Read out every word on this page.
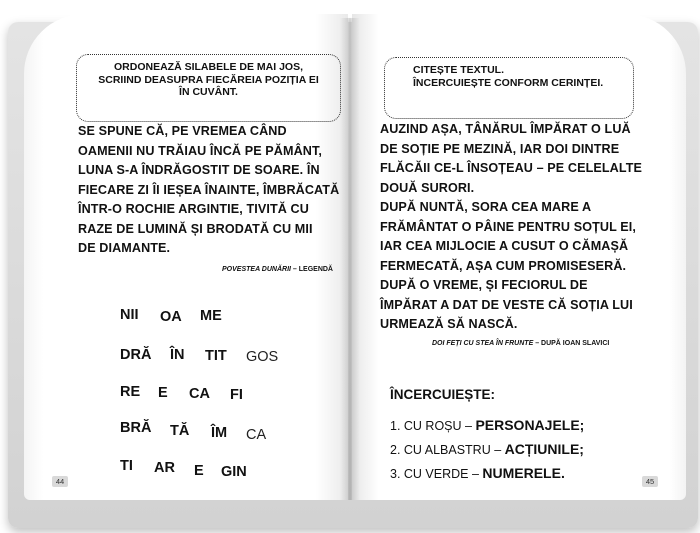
ORDONEAZĂ SILABELE DE MAI JOS,
SCRIIND DEASUPRA FIECĂREIA POZIȚIA EI
ÎN CUVÂNT.
SE SPUNE CĂ, PE VREMEA CÂND
OAMENII NU TRĂIAU ÎNCĂ PE PĂMÂNT,
LUNA S-A ÎNDRĂGOSTIT DE SOARE. ÎN
FIECARE ZI ÎI IEȘEA ÎNAINTE, ÎMBRĂCATĂ
ÎNTR-O ROCHIE ARGINTIE, TIVITĂ CU
RAZE DE LUMINĂ ȘI BRODATĂ CU MII
DE DIAMANTE.
POVESTEA DUNĂRII – LEGENDĂ
NII OA ME
DRĂ ÎN TIT GOS
RE E CA FI
BRĂ TĂ ÎM CA
TI AR E GIN
44
CITEȘTE TEXTUL.
ÎNCERCUIEȘTE CONFORM CERINȚEI.
AUZIND AȘA, TÂNĂRUL ÎMPĂRAT O LUĂ
DE SOȚIE PE MEZINĂ, IAR DOI DINTRE
FLĂCĂII CE-L ÎNSOȚEAU – PE CELELALTE
DOUĂ SURORI.
DUPĂ NUNTĂ, SORA CEA MARE A
FRĂMÂNTAT O PÂINE PENTRU SOȚUL EI,
IAR CEA MIJLOCIE A CUSUT O CĂMAȘĂ
FERMECATĂ, AȘA CUM PROMISESERĂ.
DUPĂ O VREME, ȘI FECIORUL DE
ÎMPĂRAT A DAT DE VESTE CĂ SOȚIA LUI
URMEAZĂ SĂ NASCĂ.
DOI FEȚI CU STEA ÎN FRUNTE – DUPĂ IOAN SLAVICI
ÎNCERCUIEȘTE:
1. CU ROȘU – PERSONAJELE;
2. CU ALBASTRU – ACȚIUNILE;
3. CU VERDE – NUMERELE.
45
